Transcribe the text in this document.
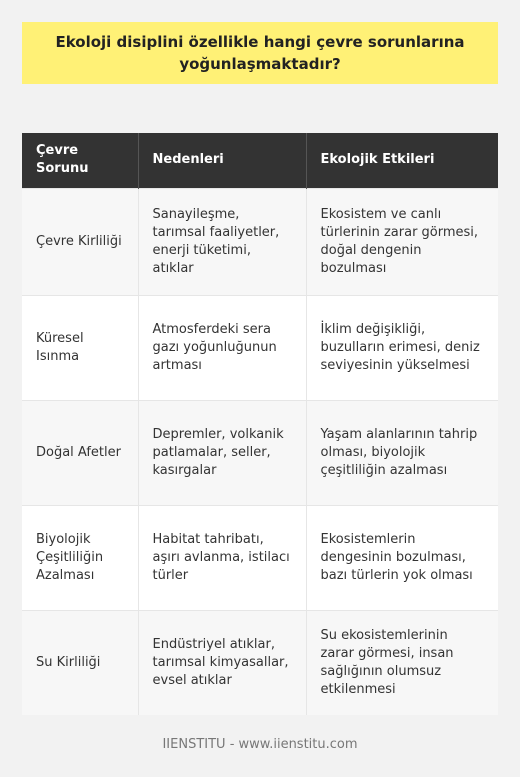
Ekoloji disiplini özellikle hangi çevre sorunlarına yoğunlaşmaktadır?
Çevre Sorunu	Nedenleri	Ekolojik Etkileri
Çevre Kirliliği	Sanayileşme, tarımsal faaliyetler, enerji tüketimi, atıklar	Ekosistem ve canlı türlerinin zarar görmesi, doğal dengenin bozulması
Küresel Isınma	Atmosferdeki sera gazı yoğunluğunun artması	İklim değişikliği, buzulların erimesi, deniz seviyesinin yükselmesi
Doğal Afetler	Depremler, volkanik patlamalar, seller, kasırgalar	Yaşam alanlarının tahrip olması, biyolojik çeşitliliğin azalması
Biyolojik Çeşitliliğin Azalması	Habitat tahribatı, aşırı avlanma, istilacı türler	Ekosistemlerin dengesinin bozulması, bazı türlerin yok olması
Su Kirliliği	Endüstriyel atıklar, tarımsal kimyasallar, evsel atıklar	Su ekosistemlerinin zarar görmesi, insan sağlığının olumsuz etkilenmesi
IIENSTITU - www.iienstitu.com
